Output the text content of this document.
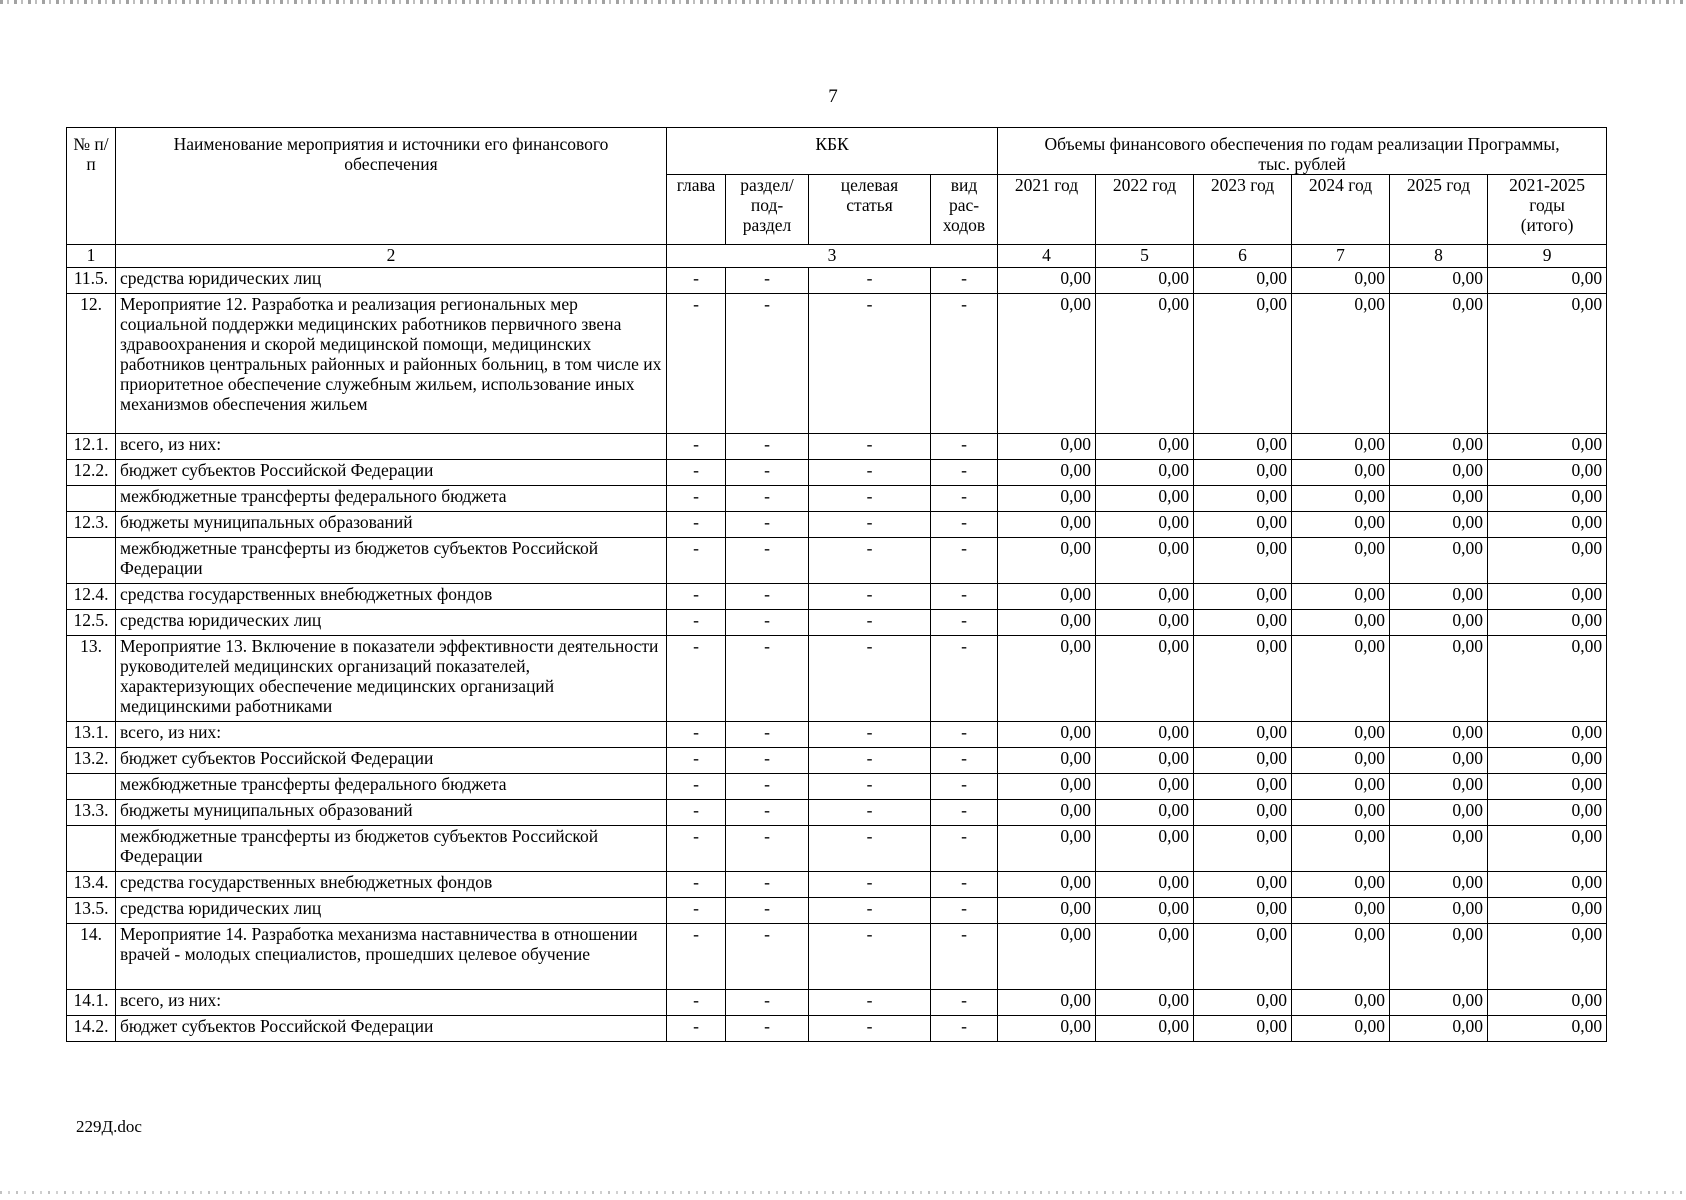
7
№ п/п	Наименование мероприятия и источники его финансового обеспечения	КБК				Объемы финансового обеспечения по годам реализации Программы, тыс. рублей					
		глава	раздел/ под-раздел	целевая статья	вид рас-ходов	2021 год	2022 год	2023 год	2024 год	2025 год	2021-2025 годы (итого)
1	2	3				4	5	6	7	8	9
11.5.	средства юридических лиц	-	-	-	-	0,00	0,00	0,00	0,00	0,00	0,00
12.	Мероприятие 12. Разработка и реализация региональных мер социальной поддержки медицинских работников первичного звена здравоохранения и скорой медицинской помощи, медицинских работников центральных районных и районных больниц, в том числе их приоритетное обеспечение служебным жильем, использование иных механизмов обеспечения жильем	-	-	-	-	0,00	0,00	0,00	0,00	0,00	0,00
12.1.	всего, из них:	-	-	-	-	0,00	0,00	0,00	0,00	0,00	0,00
12.2.	бюджет субъектов Российской Федерации	-	-	-	-	0,00	0,00	0,00	0,00	0,00	0,00
	межбюджетные трансферты федерального бюджета	-	-	-	-	0,00	0,00	0,00	0,00	0,00	0,00
12.3.	бюджеты муниципальных образований	-	-	-	-	0,00	0,00	0,00	0,00	0,00	0,00
	межбюджетные трансферты из бюджетов субъектов Российской Федерации	-	-	-	-	0,00	0,00	0,00	0,00	0,00	0,00
12.4.	средства государственных внебюджетных фондов	-	-	-	-	0,00	0,00	0,00	0,00	0,00	0,00
12.5.	средства юридических лиц	-	-	-	-	0,00	0,00	0,00	0,00	0,00	0,00
13.	Мероприятие 13. Включение в показатели эффективности деятельности руководителей медицинских организаций показателей, характеризующих обеспечение медицинских организаций медицинскими работниками	-	-	-	-	0,00	0,00	0,00	0,00	0,00	0,00
13.1.	всего, из них:	-	-	-	-	0,00	0,00	0,00	0,00	0,00	0,00
13.2.	бюджет субъектов Российской Федерации	-	-	-	-	0,00	0,00	0,00	0,00	0,00	0,00
	межбюджетные трансферты федерального бюджета	-	-	-	-	0,00	0,00	0,00	0,00	0,00	0,00
13.3.	бюджеты муниципальных образований	-	-	-	-	0,00	0,00	0,00	0,00	0,00	0,00
	межбюджетные трансферты из бюджетов субъектов Российской Федерации	-	-	-	-	0,00	0,00	0,00	0,00	0,00	0,00
13.4.	средства государственных внебюджетных фондов	-	-	-	-	0,00	0,00	0,00	0,00	0,00	0,00
13.5.	средства юридических лиц	-	-	-	-	0,00	0,00	0,00	0,00	0,00	0,00
14.	Мероприятие 14. Разработка механизма наставничества в отношении врачей - молодых специалистов, прошедших целевое обучение	-	-	-	-	0,00	0,00	0,00	0,00	0,00	0,00
14.1.	всего, из них:	-	-	-	-	0,00	0,00	0,00	0,00	0,00	0,00
14.2.	бюджет субъектов Российской Федерации	-	-	-	-	0,00	0,00	0,00	0,00	0,00	0,00
229Д.doc
